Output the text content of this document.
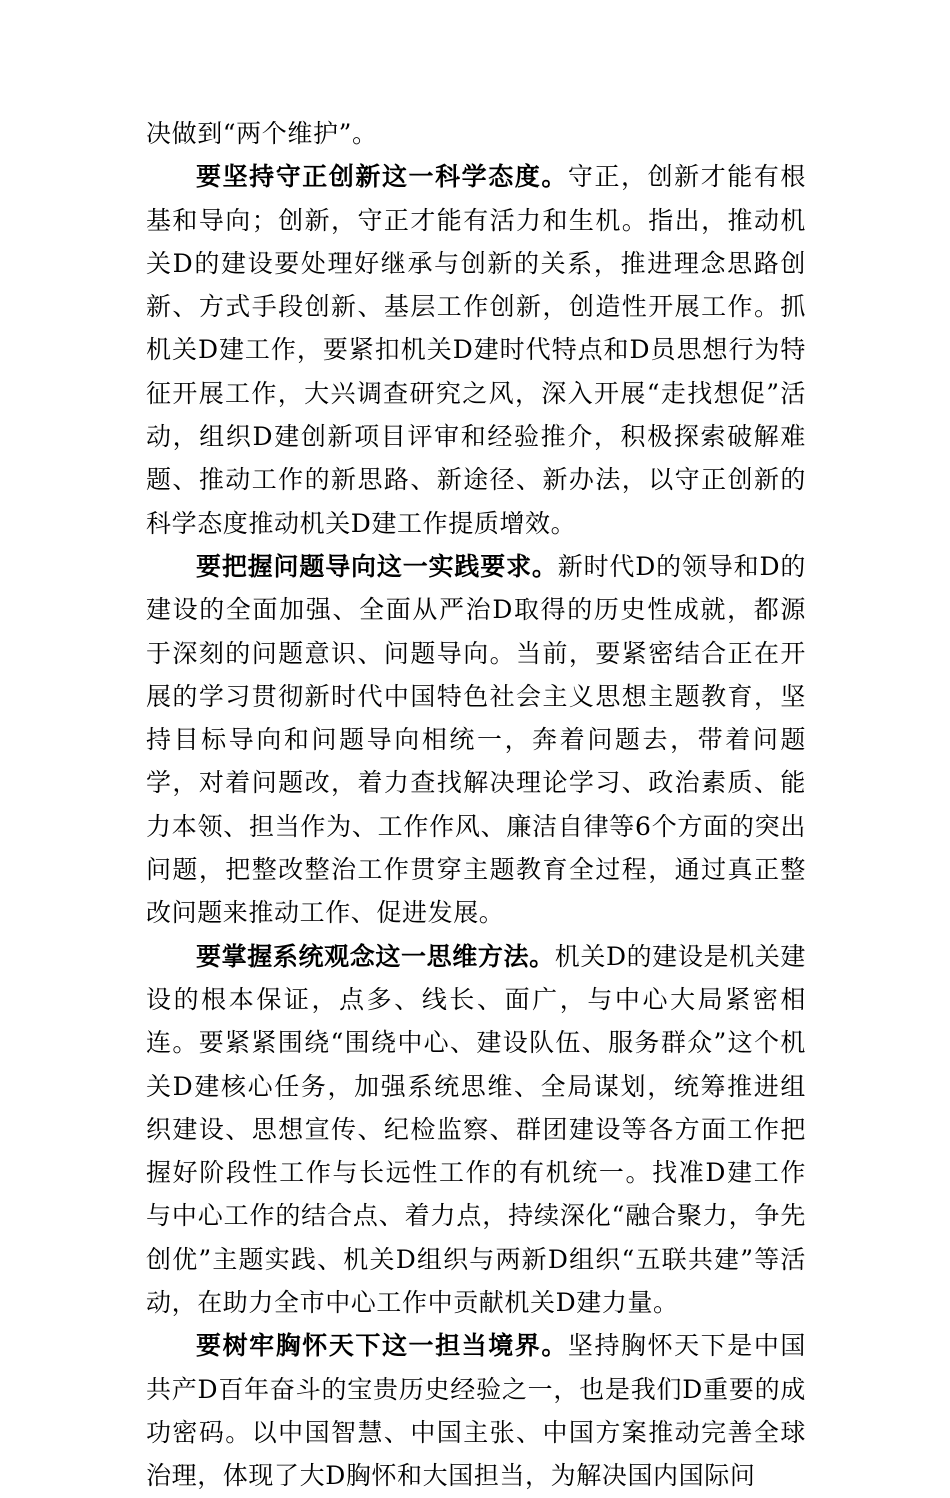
决做到“两个维护”。

要坚持守正创新这一科学态度。守正，创新才能有根基和导向；创新，守正才能有活力和生机。指出，推动机关D的建设要处理好继承与创新的关系，推进理念思路创新、方式手段创新、基层工作创新，创造性开展工作。抓机关D建工作，要紧扣机关D建时代特点和D员思想行为特征开展工作，大兴调查研究之风，深入开展“走找想促”活动，组织D建创新项目评审和经验推介，积极探索破解难题、推动工作的新思路、新途径、新办法，以守正创新的科学态度推动机关D建工作提质增效。

要把握问题导向这一实践要求。新时代D的领导和D的建设的全面加强、全面从严治D取得的历史性成就，都源于深刻的问题意识、问题导向。当前，要紧密结合正在开展的学习贯彻新时代中国特色社会主义思想主题教育，坚持目标导向和问题导向相统一，奔着问题去，带着问题学，对着问题改，着力查找解决理论学习、政治素质、能力本领、担当作为、工作作风、廉洁自律等6个方面的突出问题，把整改整治工作贯穿主题教育全过程，通过真正整改问题来推动工作、促进发展。

要掌握系统观念这一思维方法。机关D的建设是机关建设的根本保证，点多、线长、面广，与中心大局紧密相连。要紧紧围绕“围绕中心、建设队伍、服务群众”这个机关D建核心任务，加强系统思维、全局谋划，统筹推进组织建设、思想宣传、纪检监察、群团建设等各方面工作把握好阶段性工作与长远性工作的有机统一。找准D建工作与中心工作的结合点、着力点，持续深化“融合聚力，争先创优”主题实践、机关D组织与两新D组织“五联共建”等活动，在助力全市中心工作中贡献机关D建力量。

要树牢胸怀天下这一担当境界。坚持胸怀天下是中国共产D百年奋斗的宝贵历史经验之一，也是我们D重要的成功密码。以中国智慧、中国主张、中国方案推动完善全球治理，体现了大D胸怀和大国担当，为解决国内国际问
